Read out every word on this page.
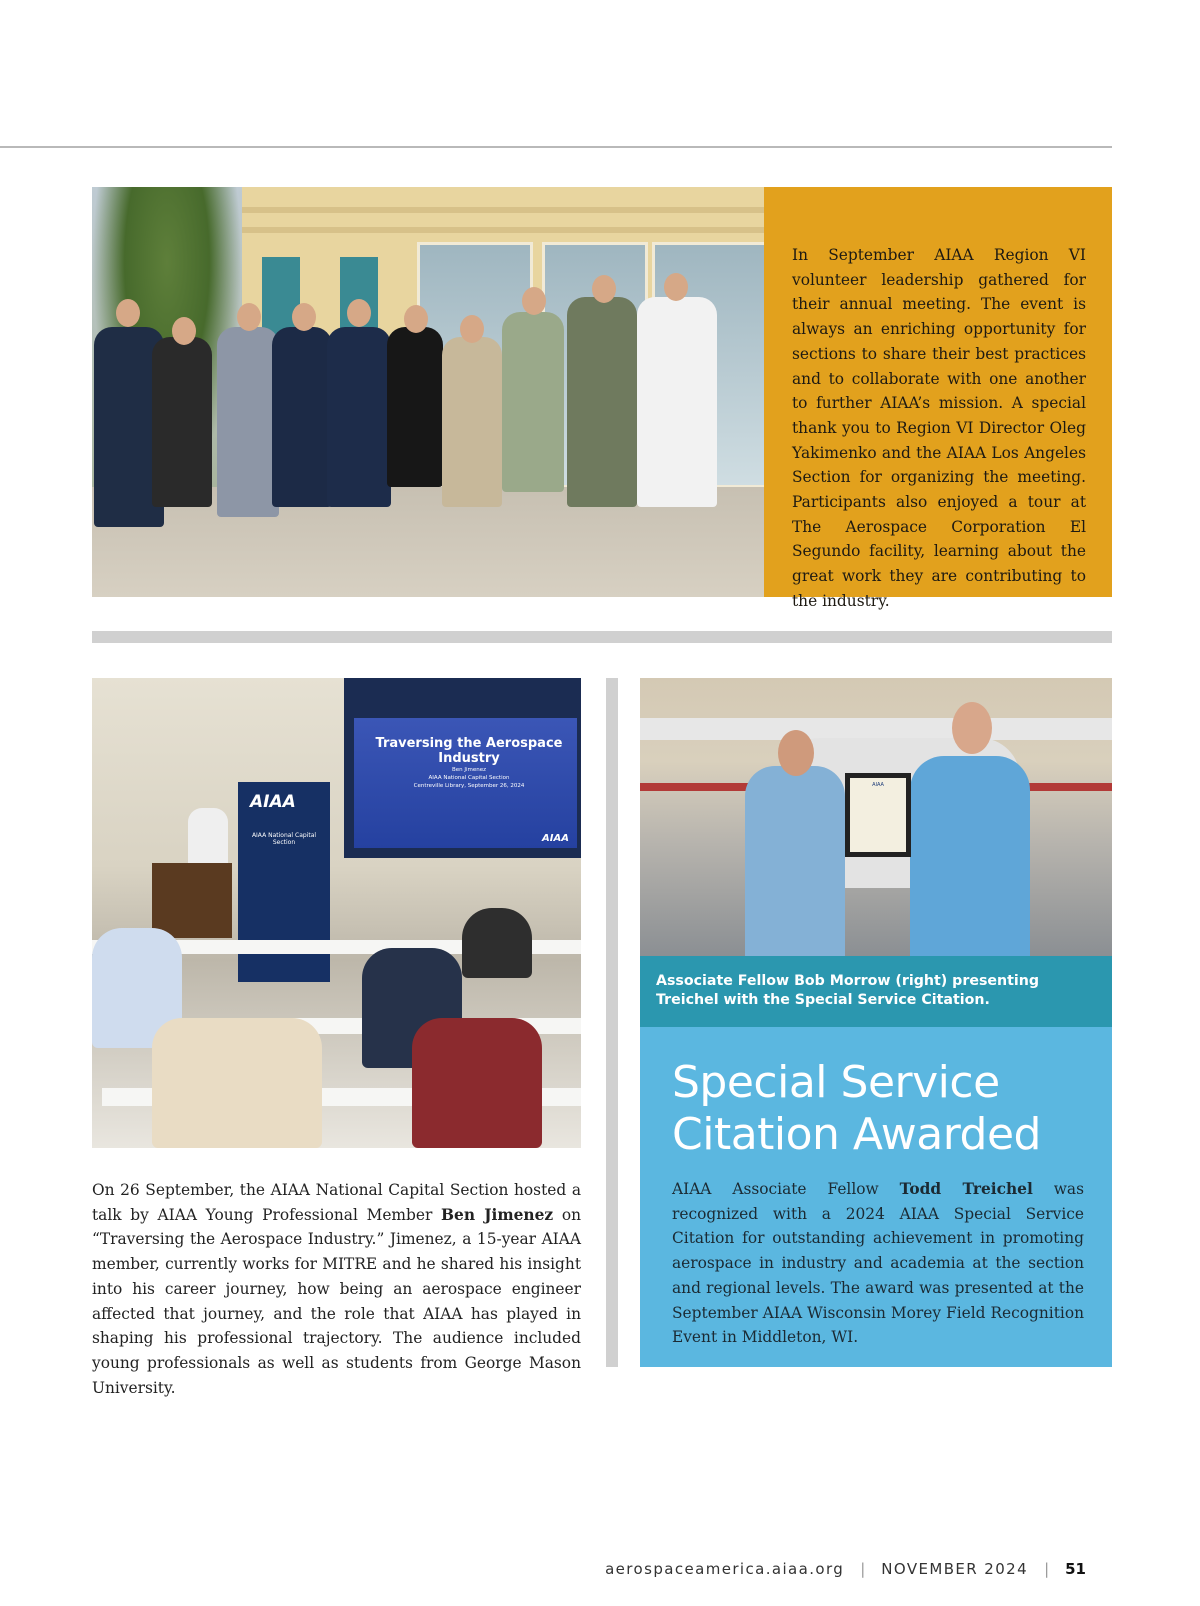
In September AIAA Region VI volunteer leadership gathered for their annual meeting. The event is always an enriching opportunity for sections to share their best practices and to collaborate with one another to further AIAA’s mission. A special thank you to Region VI Director Oleg Yakimenko and the AIAA Los Angeles Section for organizing the meeting. Participants also enjoyed a tour at The Aerospace Corporation El Segundo facility, learning about the great work they are contributing to the industry.
Traversing the Aerospace Industry
Ben Jimenez
AIAA National Capital Section
Centreville Library, September 26, 2024
AIAA
AIAA
AIAA National Capital Section
On 26 September, the AIAA National Capital Section hosted a talk by AIAA Young Professional Member Ben Jimenez on “Traversing the Aerospace Industry.” Jimenez, a 15-year AIAA member, currently works for MITRE and he shared his insight into his career journey, how being an aerospace engineer affected that journey, and the role that AIAA has played in shaping his professional trajectory. The audience included young professionals as well as students from George Mason University.
AIAA
Associate Fellow Bob Morrow (right) presenting Treichel with the Special Service Citation.
Special Service
Citation Awarded
AIAA Associate Fellow Todd Treichel was recognized with a 2024 AIAA Special Service Citation for outstanding achievement in promoting aerospace in industry and academia at the section and regional levels. The award was presented at the September AIAA Wisconsin Morey Field Recognition Event in Middleton, WI.
aerospaceamerica.aiaa.org | NOVEMBER 2024 | 51
